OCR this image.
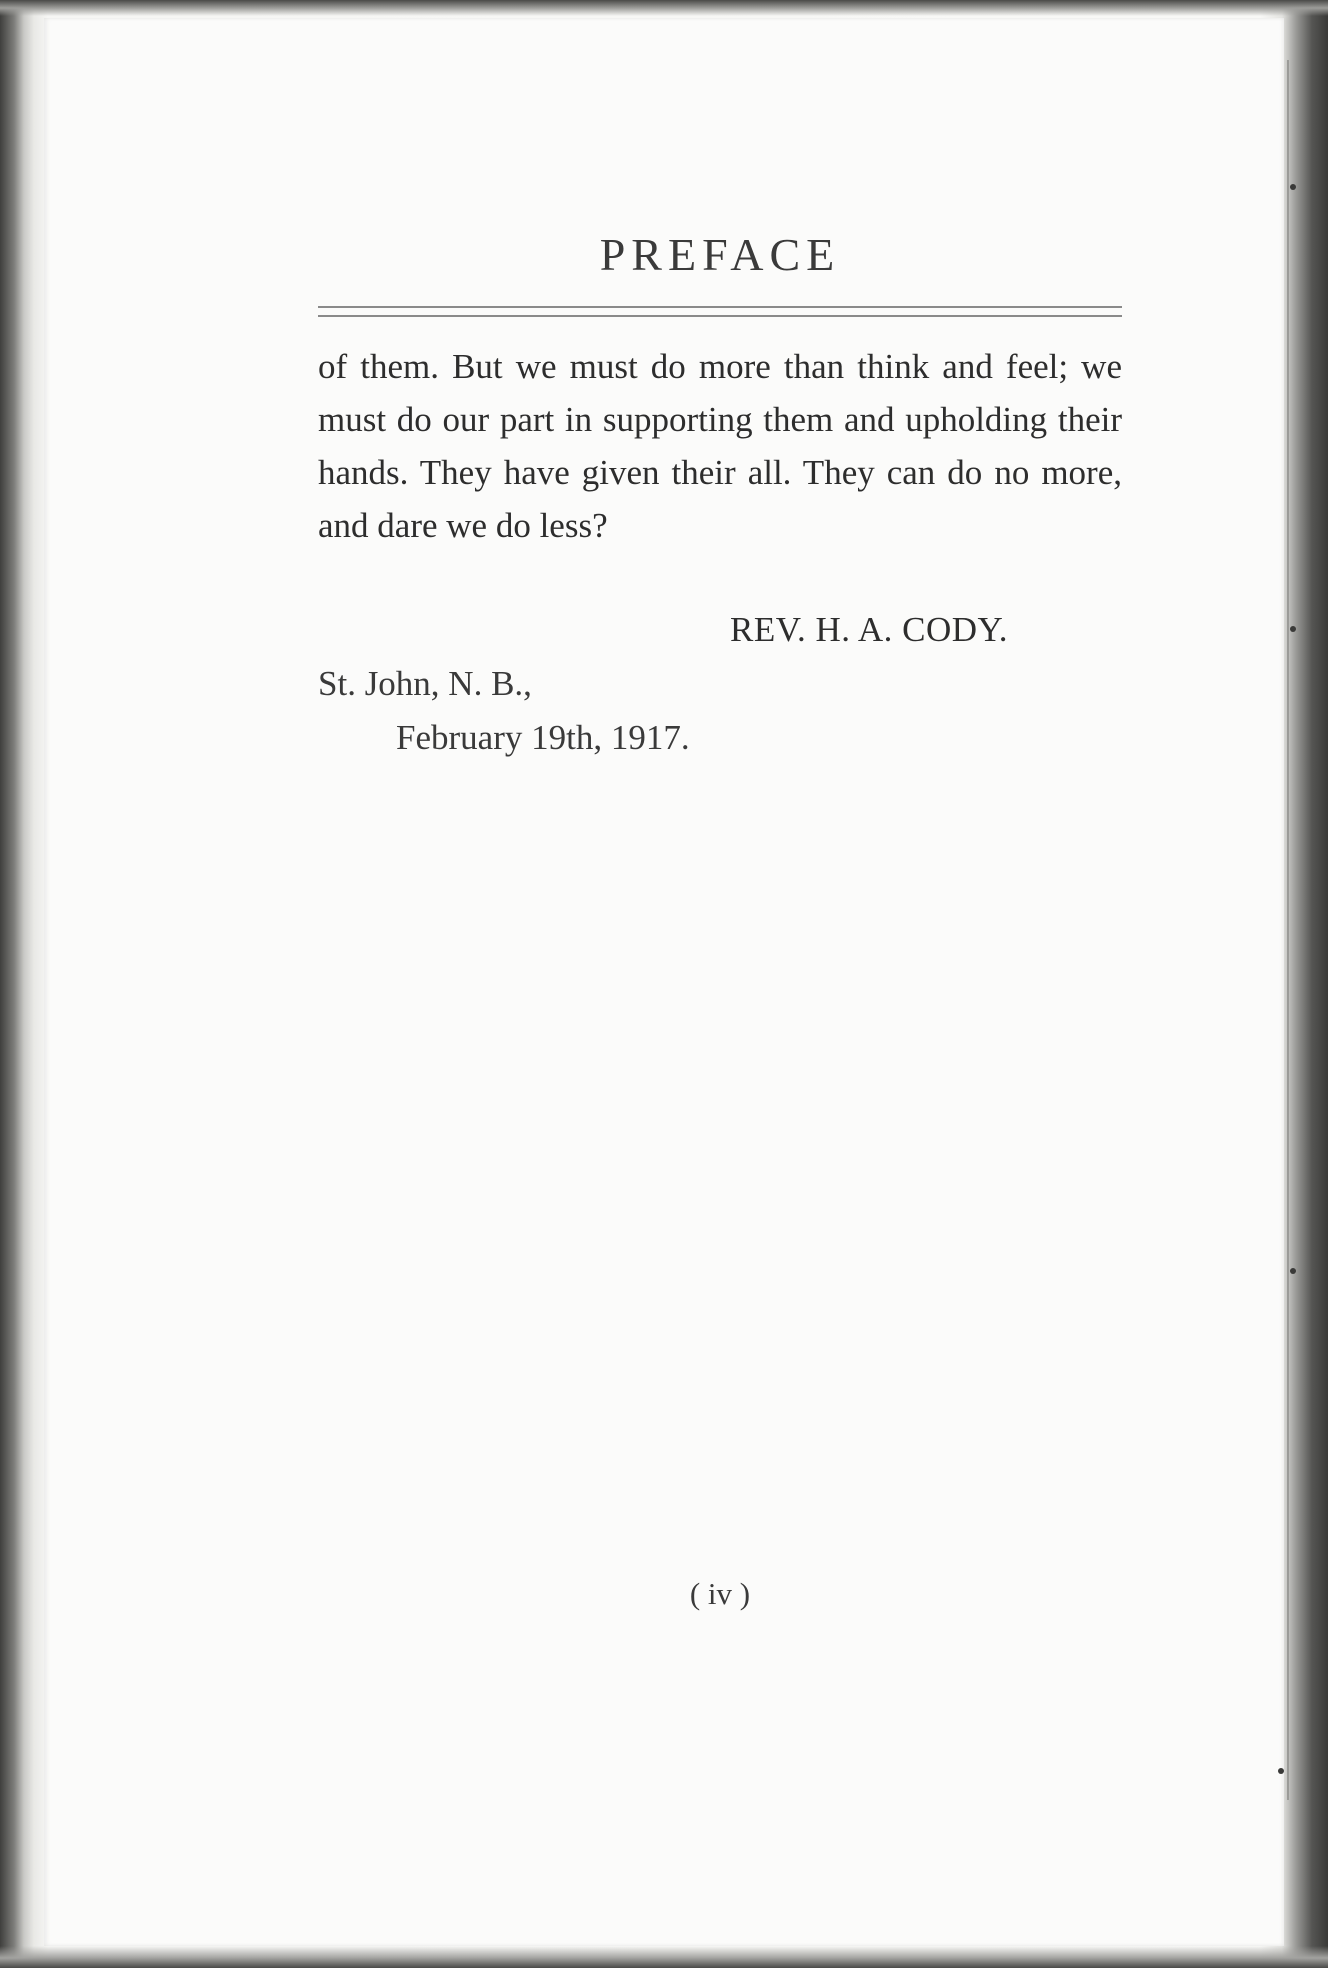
PREFACE
of them. But we must do more than think and feel; we must do our part in supporting them and upholding their hands. They have given their all. They can do no more, and dare we do less?
REV. H. A. CODY.
St. John, N. B.,
February 19th, 1917.
( iv )
